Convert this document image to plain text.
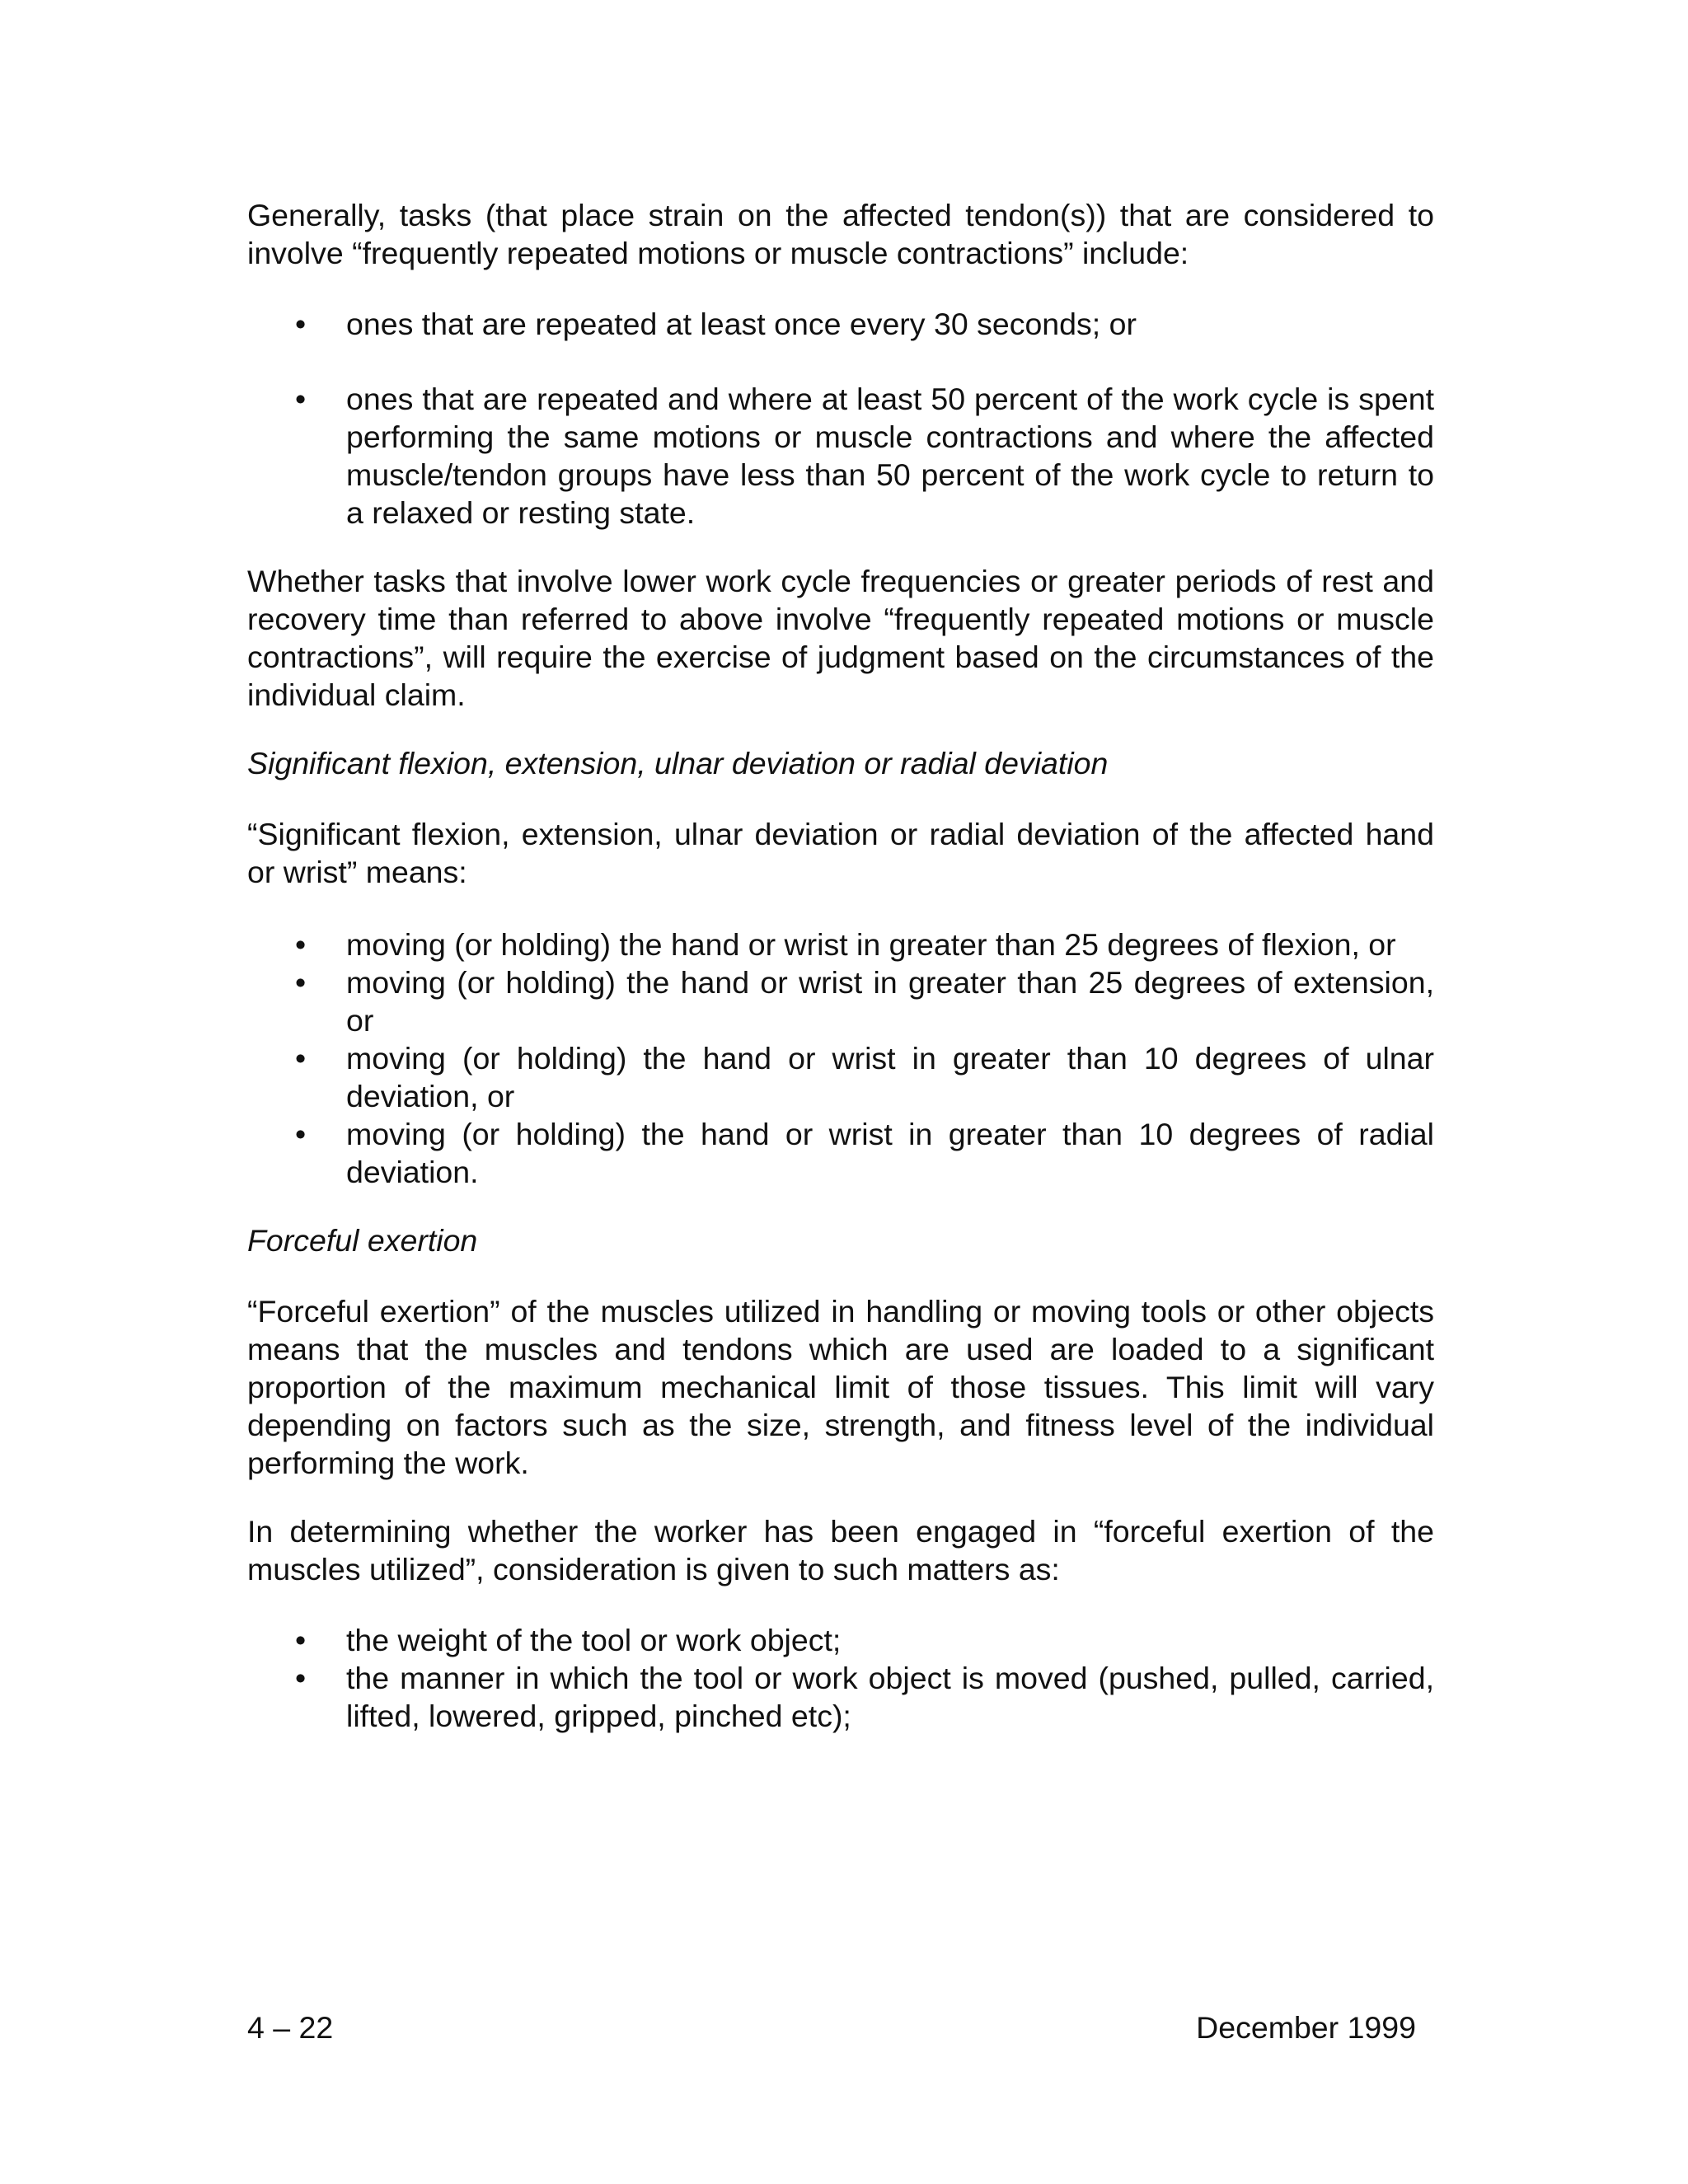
Generally, tasks (that place strain on the affected tendon(s)) that are considered to involve “frequently repeated motions or muscle contractions” include:

• ones that are repeated at least once every 30 seconds; or
• ones that are repeated and where at least 50 percent of the work cycle is spent performing the same motions or muscle contractions and where the affected muscle/tendon groups have less than 50 percent of the work cycle to return to a relaxed or resting state.

Whether tasks that involve lower work cycle frequencies or greater periods of rest and recovery time than referred to above involve “frequently repeated motions or muscle contractions”, will require the exercise of judgment based on the circumstances of the individual claim.

Significant flexion, extension, ulnar deviation or radial deviation

“Significant flexion, extension, ulnar deviation or radial deviation of the affected hand or wrist” means:

• moving (or holding) the hand or wrist in greater than 25 degrees of flexion, or
• moving (or holding) the hand or wrist in greater than 25 degrees of extension, or
• moving (or holding) the hand or wrist in greater than 10 degrees of ulnar deviation, or
• moving (or holding) the hand or wrist in greater than 10 degrees of radial deviation.

Forceful exertion

“Forceful exertion” of the muscles utilized in handling or moving tools or other objects means that the muscles and tendons which are used are loaded to a significant proportion of the maximum mechanical limit of those tissues. This limit will vary depending on factors such as the size, strength, and fitness level of the individual performing the work.

In determining whether the worker has been engaged in “forceful exertion of the muscles utilized”, consideration is given to such matters as:

• the weight of the tool or work object;
• the manner in which the tool or work object is moved (pushed, pulled, carried, lifted, lowered, gripped, pinched etc);
4 – 22	December 1999
